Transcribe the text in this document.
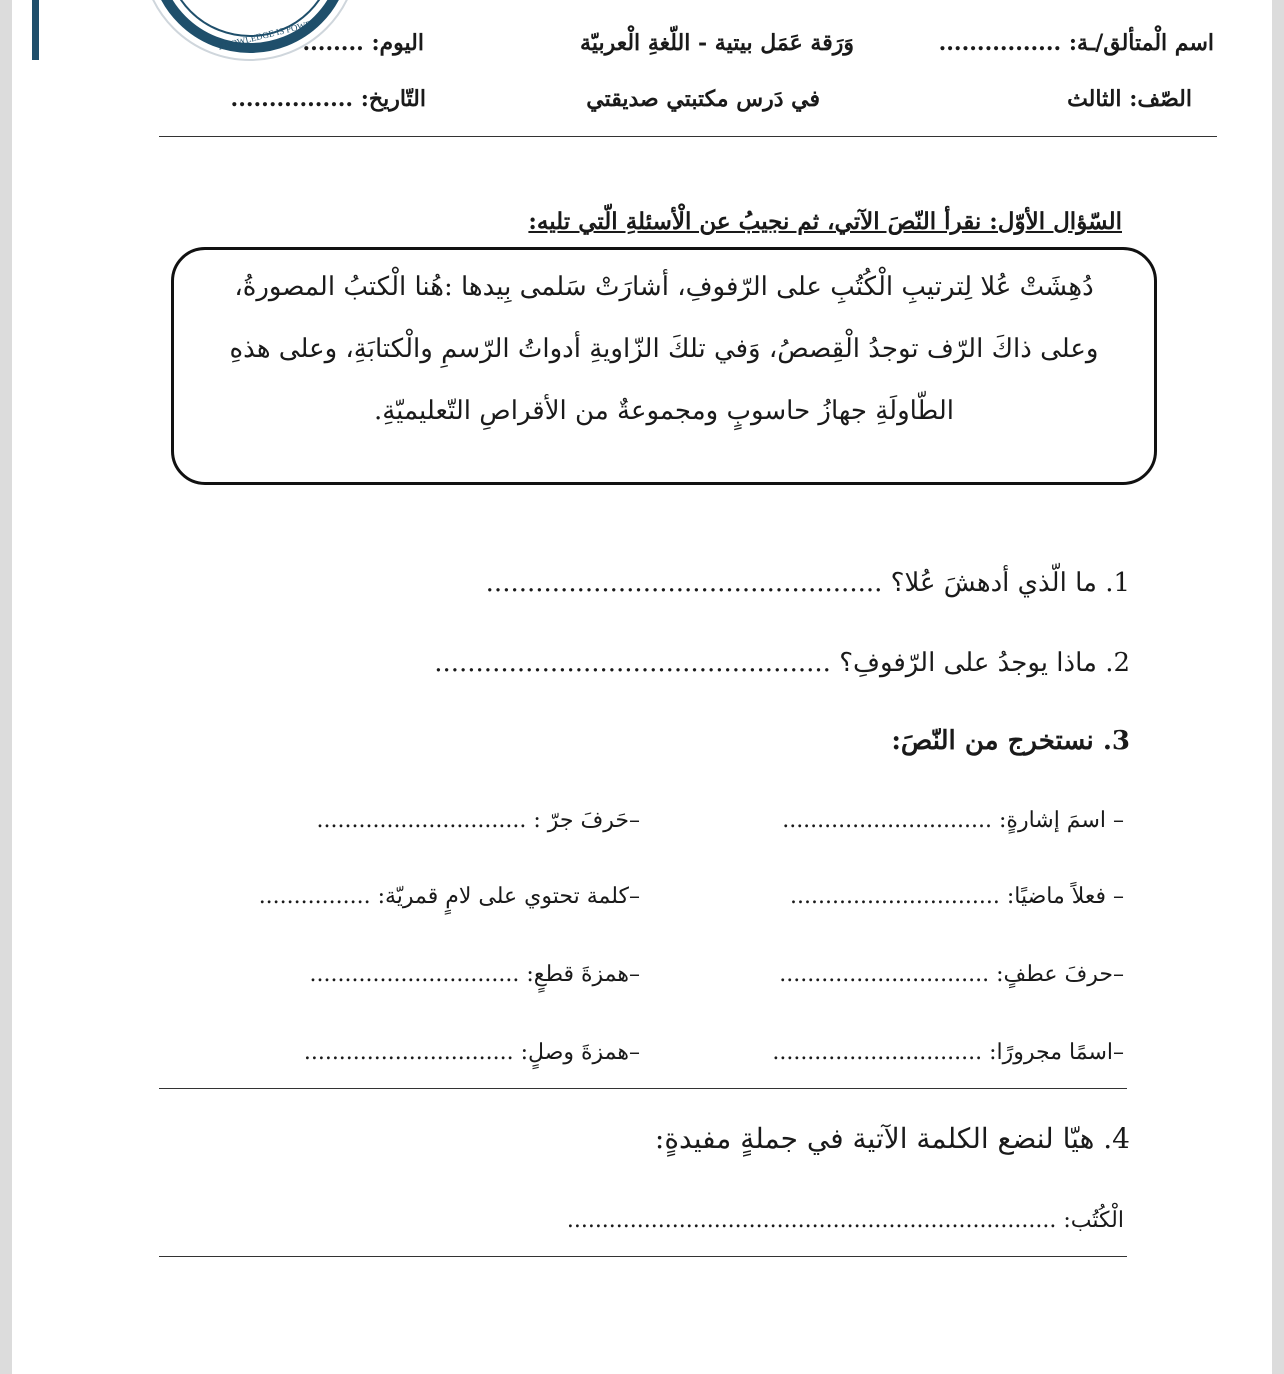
KNOWLEDGE IS POWER	اسم الْمتألق/ـة: ................
وَرَقة عَمَل بيتية - اللّغةِ الْعربيّة
اليوم: ........
الصّف: الثالث
في دَرس مكتبتي صديقتي
التّاريخ: ................
السّؤال الأوّل: نقرأ النّصَ الآتي، ثم نجيبُ عن الْأسئلةِ الّتي تليه:
دُهِشَتْ عُلا لِترتيبِ الْكُتُبِ على الرّفوفِ، أشارَتْ سَلمى بِيدها :هُنا الْكتبُ المصورةُ،
وعلى ذاكَ الرّف توجدُ الْقِصصُ، وَفي تلكَ الزّاويةِ أدواتُ الرّسمِ والْكتابَةِ، وعلى هذهِ
الطّاولَةِ جهازُ حاسوبٍ ومجموعةٌ من الأقراصِ التّعليميّةِ.
1. ما الّذي أدهشَ عُلا؟ ................................................
2. ماذا يوجدُ على الرّفوفِ؟ ................................................
3. نستخرج من النّصَ:
– اسمَ إشارةٍ: ..............................
–حَرفَ جرّ : ..............................
– فعلاً ماضيًا: ..............................
–كلمة تحتوي على لامٍ قمريّة: ................
–حرفَ عطفٍ: ..............................
–همزةَ قطعٍ: ..............................
–اسمًا مجرورًا: ..............................
–همزةَ وصلٍ: ..............................
4. هيّا لنضع الكلمة الآتية في جملةٍ مفيدةٍ:
الْكُتُب: ......................................................................
